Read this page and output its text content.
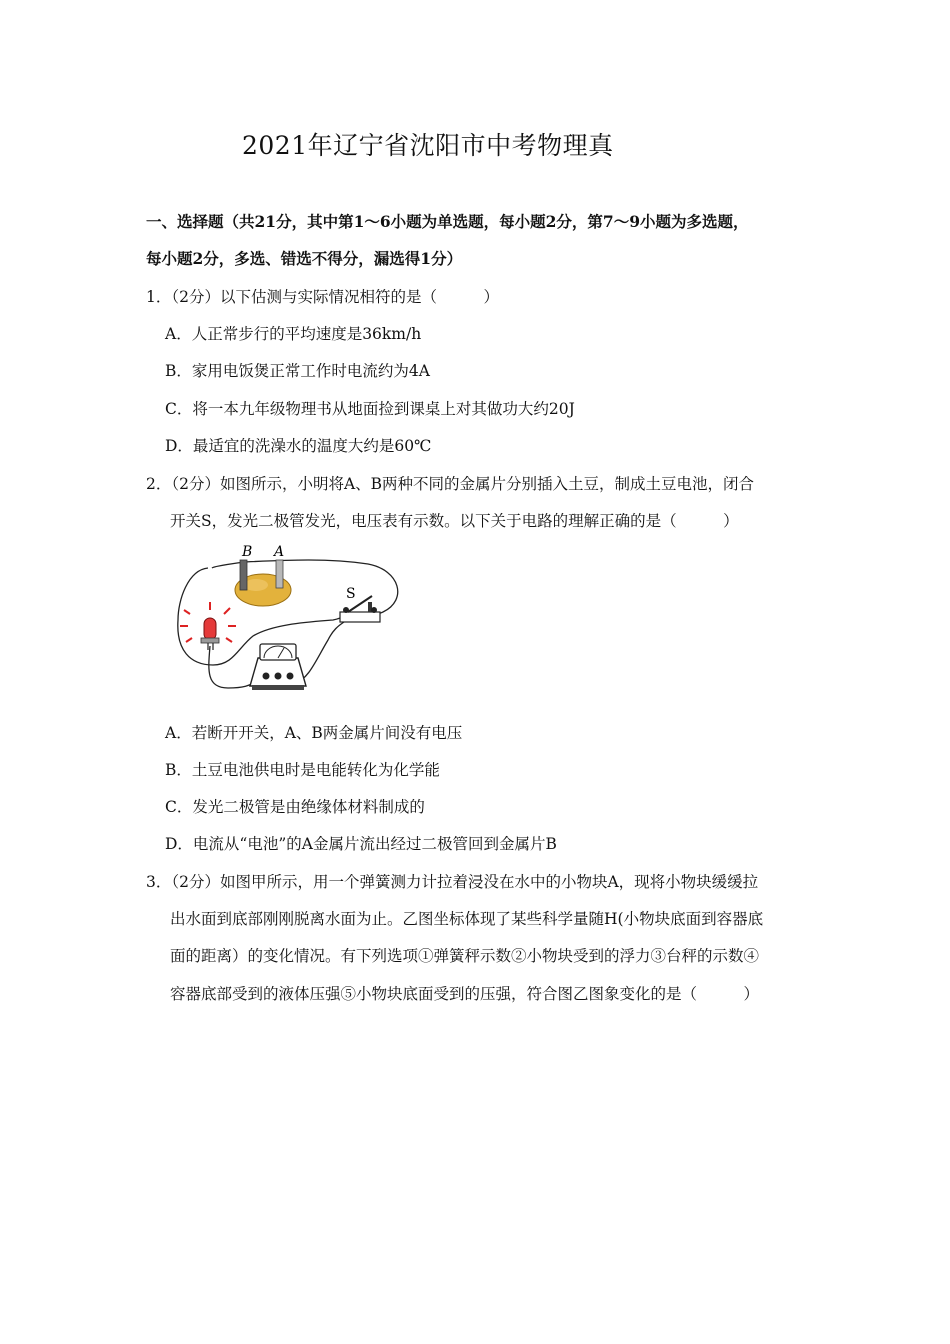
2021年辽宁省沈阳市中考物理真
一、选择题（共21分，其中第1～6小题为单选题，每小题2分，第7～9小题为多选题，
每小题2分，多选、错选不得分，漏选得1分）
1．（2分）以下估测与实际情况相符的是（　　　）
A．人正常步行的平均速度是36km/h
B．家用电饭煲正常工作时电流约为4A
C．将一本九年级物理书从地面捡到课桌上对其做功大约20J
D．最适宜的洗澡水的温度大约是60℃
2．（2分）如图所示，小明将A、B两种不同的金属片分别插入土豆，制成土豆电池，闭合
开关S，发光二极管发光，电压表有示数。以下关于电路的理解正确的是（　　　）
B A
S
A．若断开开关，A、B两金属片间没有电压
B．土豆电池供电时是电能转化为化学能
C．发光二极管是由绝缘体材料制成的
D．电流从“电池”的A金属片流出经过二极管回到金属片B
3．（2分）如图甲所示，用一个弹簧测力计拉着浸没在水中的小物块A，现将小物块缓缓拉
出水面到底部刚刚脱离水面为止。乙图坐标体现了某些科学量随H(小物块底面到容器底
面的距离）的变化情况。有下列选项①弹簧秤示数②小物块受到的浮力③台秤的示数④
容器底部受到的液体压强⑤小物块底面受到的压强，符合图乙图象变化的是（　　　）
